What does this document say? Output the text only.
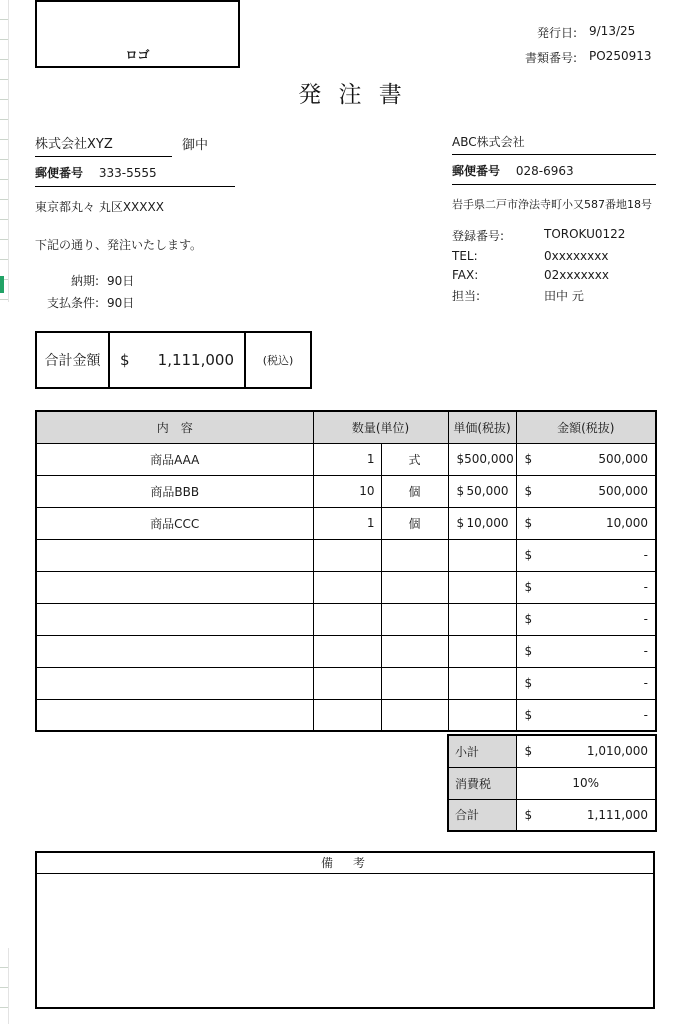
ロゴ
発行日: 9/13/25
書類番号: PO250913
発 注 書
株式会社XYZ	御中
郵便番号 333-5555
東京都丸々 丸区XXXXX
下記の通り、発注いたします。
納期: 90日
支払条件: 90日
ABC株式会社
郵便番号 028-6963
岩手県二戸市浄法寺町小又587番地18号
登録番号:	TOROKU0122
TEL:	0xxxxxxxx
FAX:	02xxxxxxx
担当:	田中 元
合計金額	$ 1,111,000	(税込)
内　容	数量(単位)		単価(税抜)	金額(税抜)
商品AAA	1	式	$ 500,000	$ 500,000

商品BBB	10	個	$ 50,000	$ 500,000

商品CCC	1	個	$ 10,000	$ 10,000

				$ -

				$ -

				$ -

				$ -

				$ -

				$ -
小計	$ 1,010,000

消費税	10%

合計	$ 1,111,000
備　考
